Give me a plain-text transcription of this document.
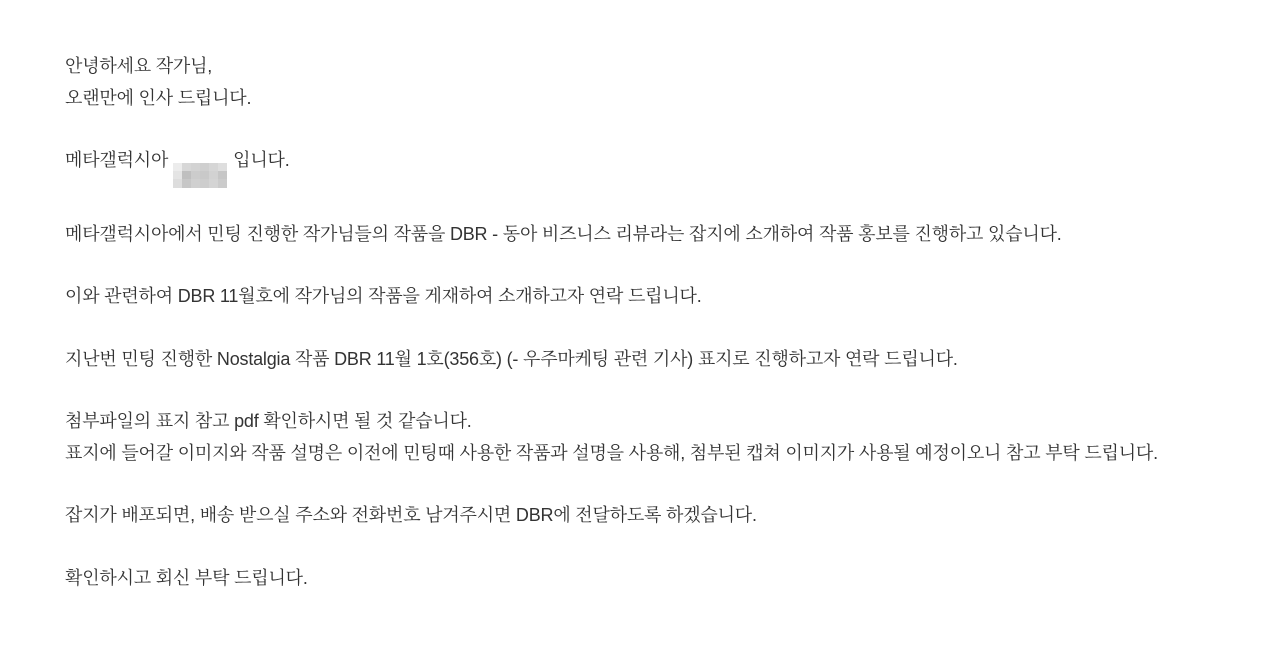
안녕하세요 작가님,
오랜만에 인사 드립니다.
메타갤럭시아	입니다.
메타갤럭시아에서 민팅 진행한 작가님들의 작품을 DBR - 동아 비즈니스 리뷰라는 잡지에 소개하여 작품 홍보를 진행하고 있습니다.
이와 관련하여 DBR 11월호에 작가님의 작품을 게재하여 소개하고자 연락 드립니다.
지난번 민팅 진행한 Nostalgia 작품 DBR 11월 1호(356호) (- 우주마케팅 관련 기사) 표지로 진행하고자 연락 드립니다.
첨부파일의 표지 참고 pdf 확인하시면 될 것 같습니다.
표지에 들어갈 이미지와 작품 설명은 이전에 민팅때 사용한 작품과 설명을 사용해, 첨부된 캡쳐 이미지가 사용될 예정이오니 참고 부탁 드립니다.
잡지가 배포되면, 배송 받으실 주소와 전화번호 남겨주시면 DBR에 전달하도록 하겠습니다.
확인하시고 회신 부탁 드립니다.
